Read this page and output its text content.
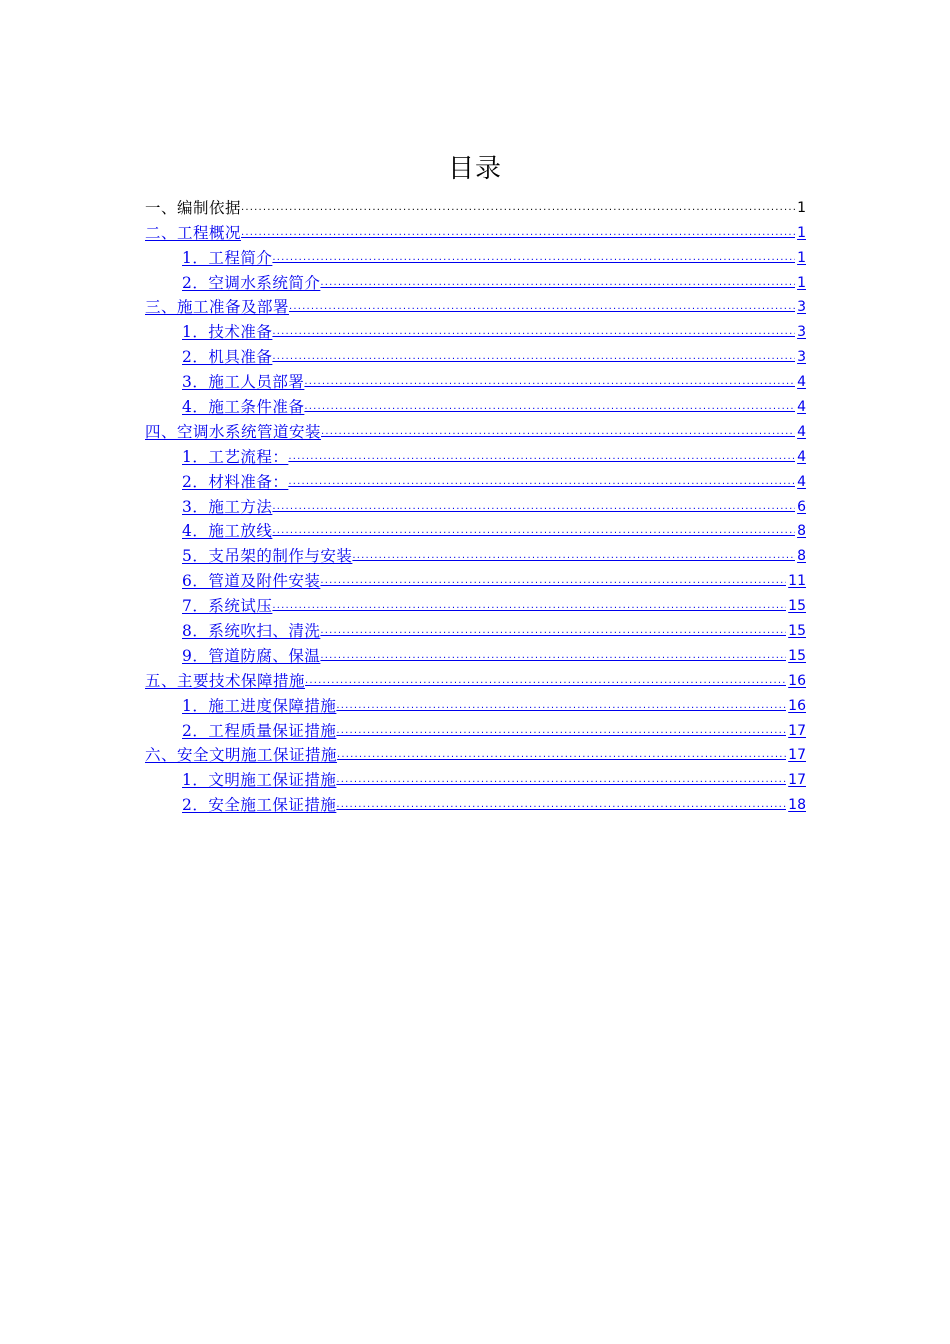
目录
一、编制依据 .....	1
二、工程概况 .....	1
1．工程简介 .....	1
2．空调水系统简介 .....	1
三、施工准备及部署 .....	3
1．技术准备 .....	3
2．机具准备 .....	3
3．施工人员部署 .....	4
4．施工条件准备 .....	4
四、空调水系统管道安装 .....	4
1．工艺流程： .....	4
2．材料准备： .....	4
3．施工方法 .....	6
4．施工放线 .....	8
5．支吊架的制作与安装 .....	8
6．管道及附件安装 .....	11
7．系统试压 .....	15
8．系统吹扫、清洗 .....	15
9．管道防腐、保温 .....	15
五、主要技术保障措施 .....	16
1．施工进度保障措施 .....	16
2．工程质量保证措施 .....	17
六、安全文明施工保证措施 .....	17
1．文明施工保证措施 .....	17
2．安全施工保证措施 .....	18
